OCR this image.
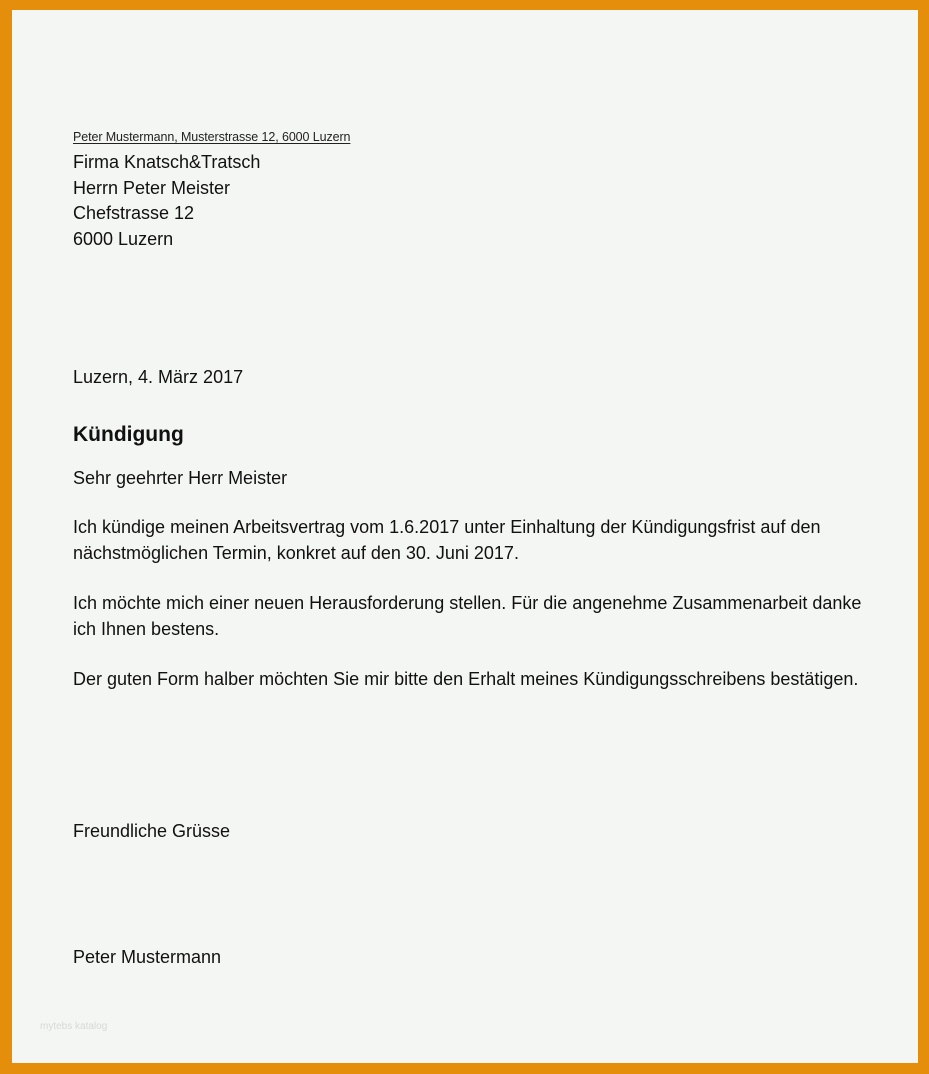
Peter Mustermann, Musterstrasse 12, 6000 Luzern

Firma Knatsch&Tratsch
Herrn Peter Meister
Chefstrasse 12
6000 Luzern

Luzern, 4. März 2017

Kündigung

Sehr geehrter Herr Meister

Ich kündige meinen Arbeitsvertrag vom 1.6.2017 unter Einhaltung der Kündigungsfrist auf den nächstmöglichen Termin, konkret auf den 30. Juni 2017.

Ich möchte mich einer neuen Herausforderung stellen. Für die angenehme Zusammenarbeit danke ich Ihnen bestens.

Der guten Form halber möchten Sie mir bitte den Erhalt meines Kündigungsschreibens bestätigen.

Freundliche Grüsse

Peter Mustermann

mytebs katalog
